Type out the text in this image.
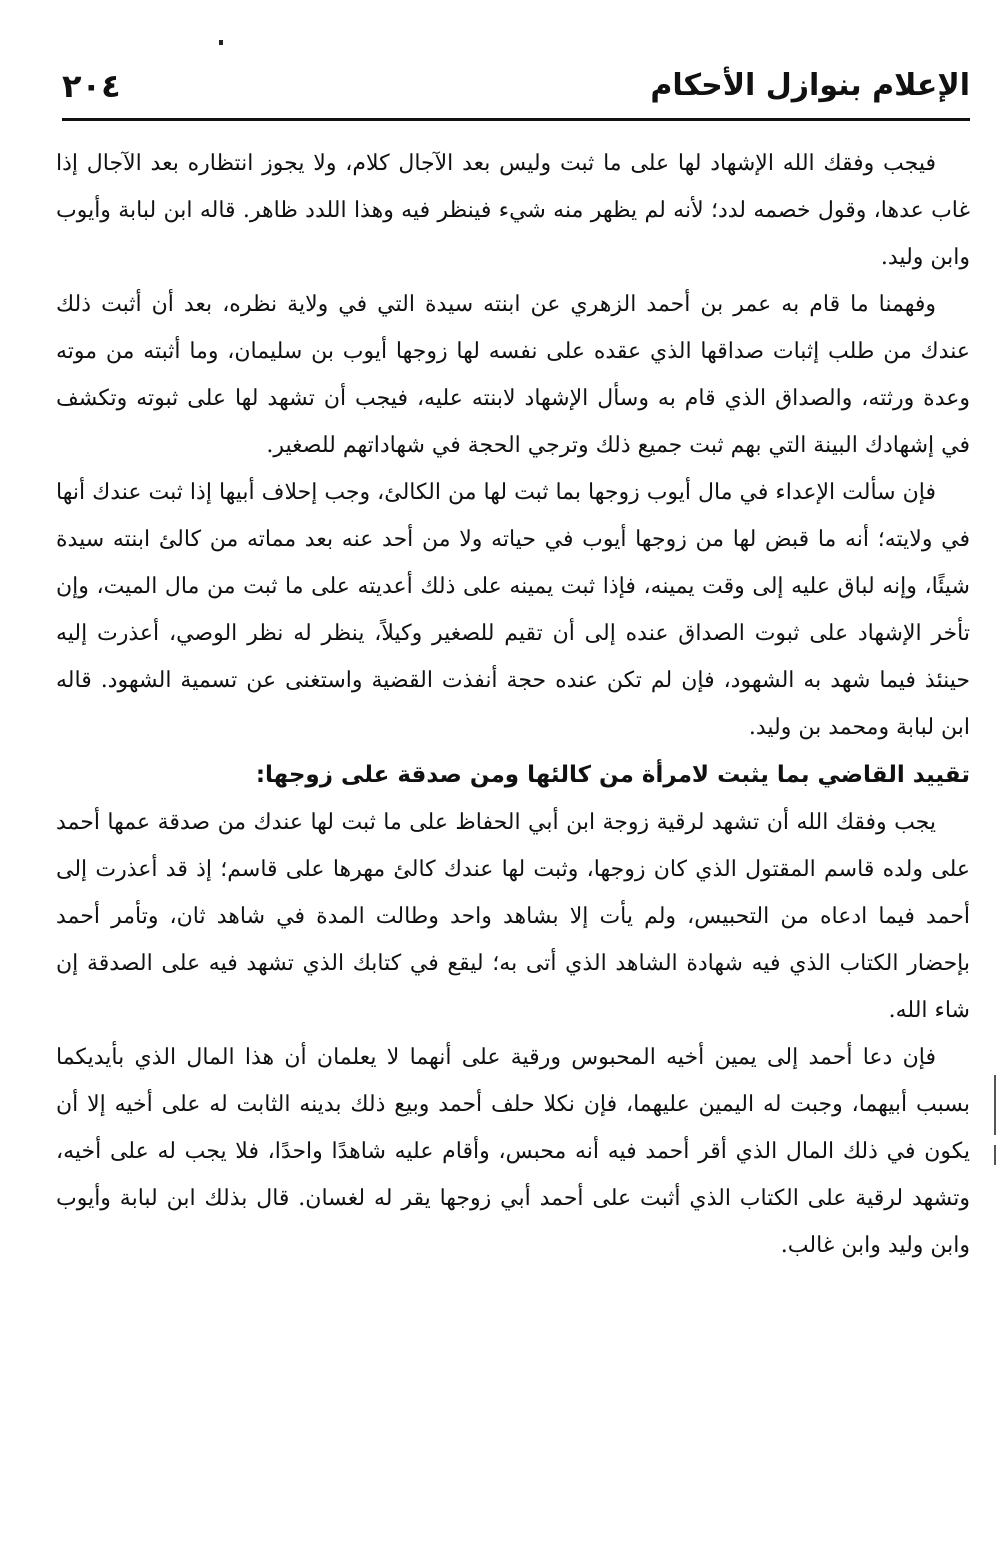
الإعلام بنوازل الأحكام
٢٠٤

فيجب وفقك الله الإشهاد لها على ما ثبت وليس بعد الآجال كلام، ولا يجوز انتظاره بعد الآجال إذا غاب عدها، وقول خصمه لدد؛ لأنه لم يظهر منه شيء فينظر فيه وهذا اللدد ظاهر. قاله ابن لبابة وأيوب وابن وليد.

وفهمنا ما قام به عمر بن أحمد الزهري عن ابنته سيدة التي في ولاية نظره، بعد أن أثبت ذلك عندك من طلب إثبات صداقها الذي عقده على نفسه لها زوجها أيوب بن سليمان، وما أثبته من موته وعدة ورثته، والصداق الذي قام به وسأل الإشهاد لابنته عليه، فيجب أن تشهد لها على ثبوته وتكشف في إشهادك البينة التي بهم ثبت جميع ذلك وترجي الحجة في شهاداتهم للصغير.

فإن سألت الإعداء في مال أيوب زوجها بما ثبت لها من الكالئ، وجب إحلاف أبيها إذا ثبت عندك أنها في ولايته؛ أنه ما قبض لها من زوجها أيوب في حياته ولا من أحد عنه بعد مماته من كالئ ابنته سيدة شيئًا، وإنه لباق عليه إلى وقت يمينه، فإذا ثبت يمينه على ذلك أعديته على ما ثبت من مال الميت، وإن تأخر الإشهاد على ثبوت الصداق عنده إلى أن تقيم للصغير وكيلاً، ينظر له نظر الوصي، أعذرت إليه حينئذ فيما شهد به الشهود، فإن لم تكن عنده حجة أنفذت القضية واستغنى عن تسمية الشهود. قاله ابن لبابة ومحمد بن وليد.

تقييد القاضي بما يثبت لامرأة من كالئها ومن صدقة على زوجها:

يجب وفقك الله أن تشهد لرقية زوجة ابن أبي الحفاظ على ما ثبت لها عندك من صدقة عمها أحمد على ولده قاسم المقتول الذي كان زوجها، وثبت لها عندك كالئ مهرها على قاسم؛ إذ قد أعذرت إلى أحمد فيما ادعاه من التحبيس، ولم يأت إلا بشاهد واحد وطالت المدة في شاهد ثان، وتأمر أحمد بإحضار الكتاب الذي فيه شهادة الشاهد الذي أتى به؛ ليقع في كتابك الذي تشهد فيه على الصدقة إن شاء الله.

فإن دعا أحمد إلى يمين أخيه المحبوس ورقية على أنهما لا يعلمان أن هذا المال الذي بأيديكما بسبب أبيهما، وجبت له اليمين عليهما، فإن نكلا حلف أحمد وبيع ذلك بدينه الثابت له على أخيه إلا أن يكون في ذلك المال الذي أقر أحمد فيه أنه محبس، وأقام عليه شاهدًا واحدًا، فلا يجب له على أخيه، وتشهد لرقية على الكتاب الذي أثبت على أحمد أبي زوجها يقر له لغسان. قال بذلك ابن لبابة وأيوب وابن وليد وابن غالب.
